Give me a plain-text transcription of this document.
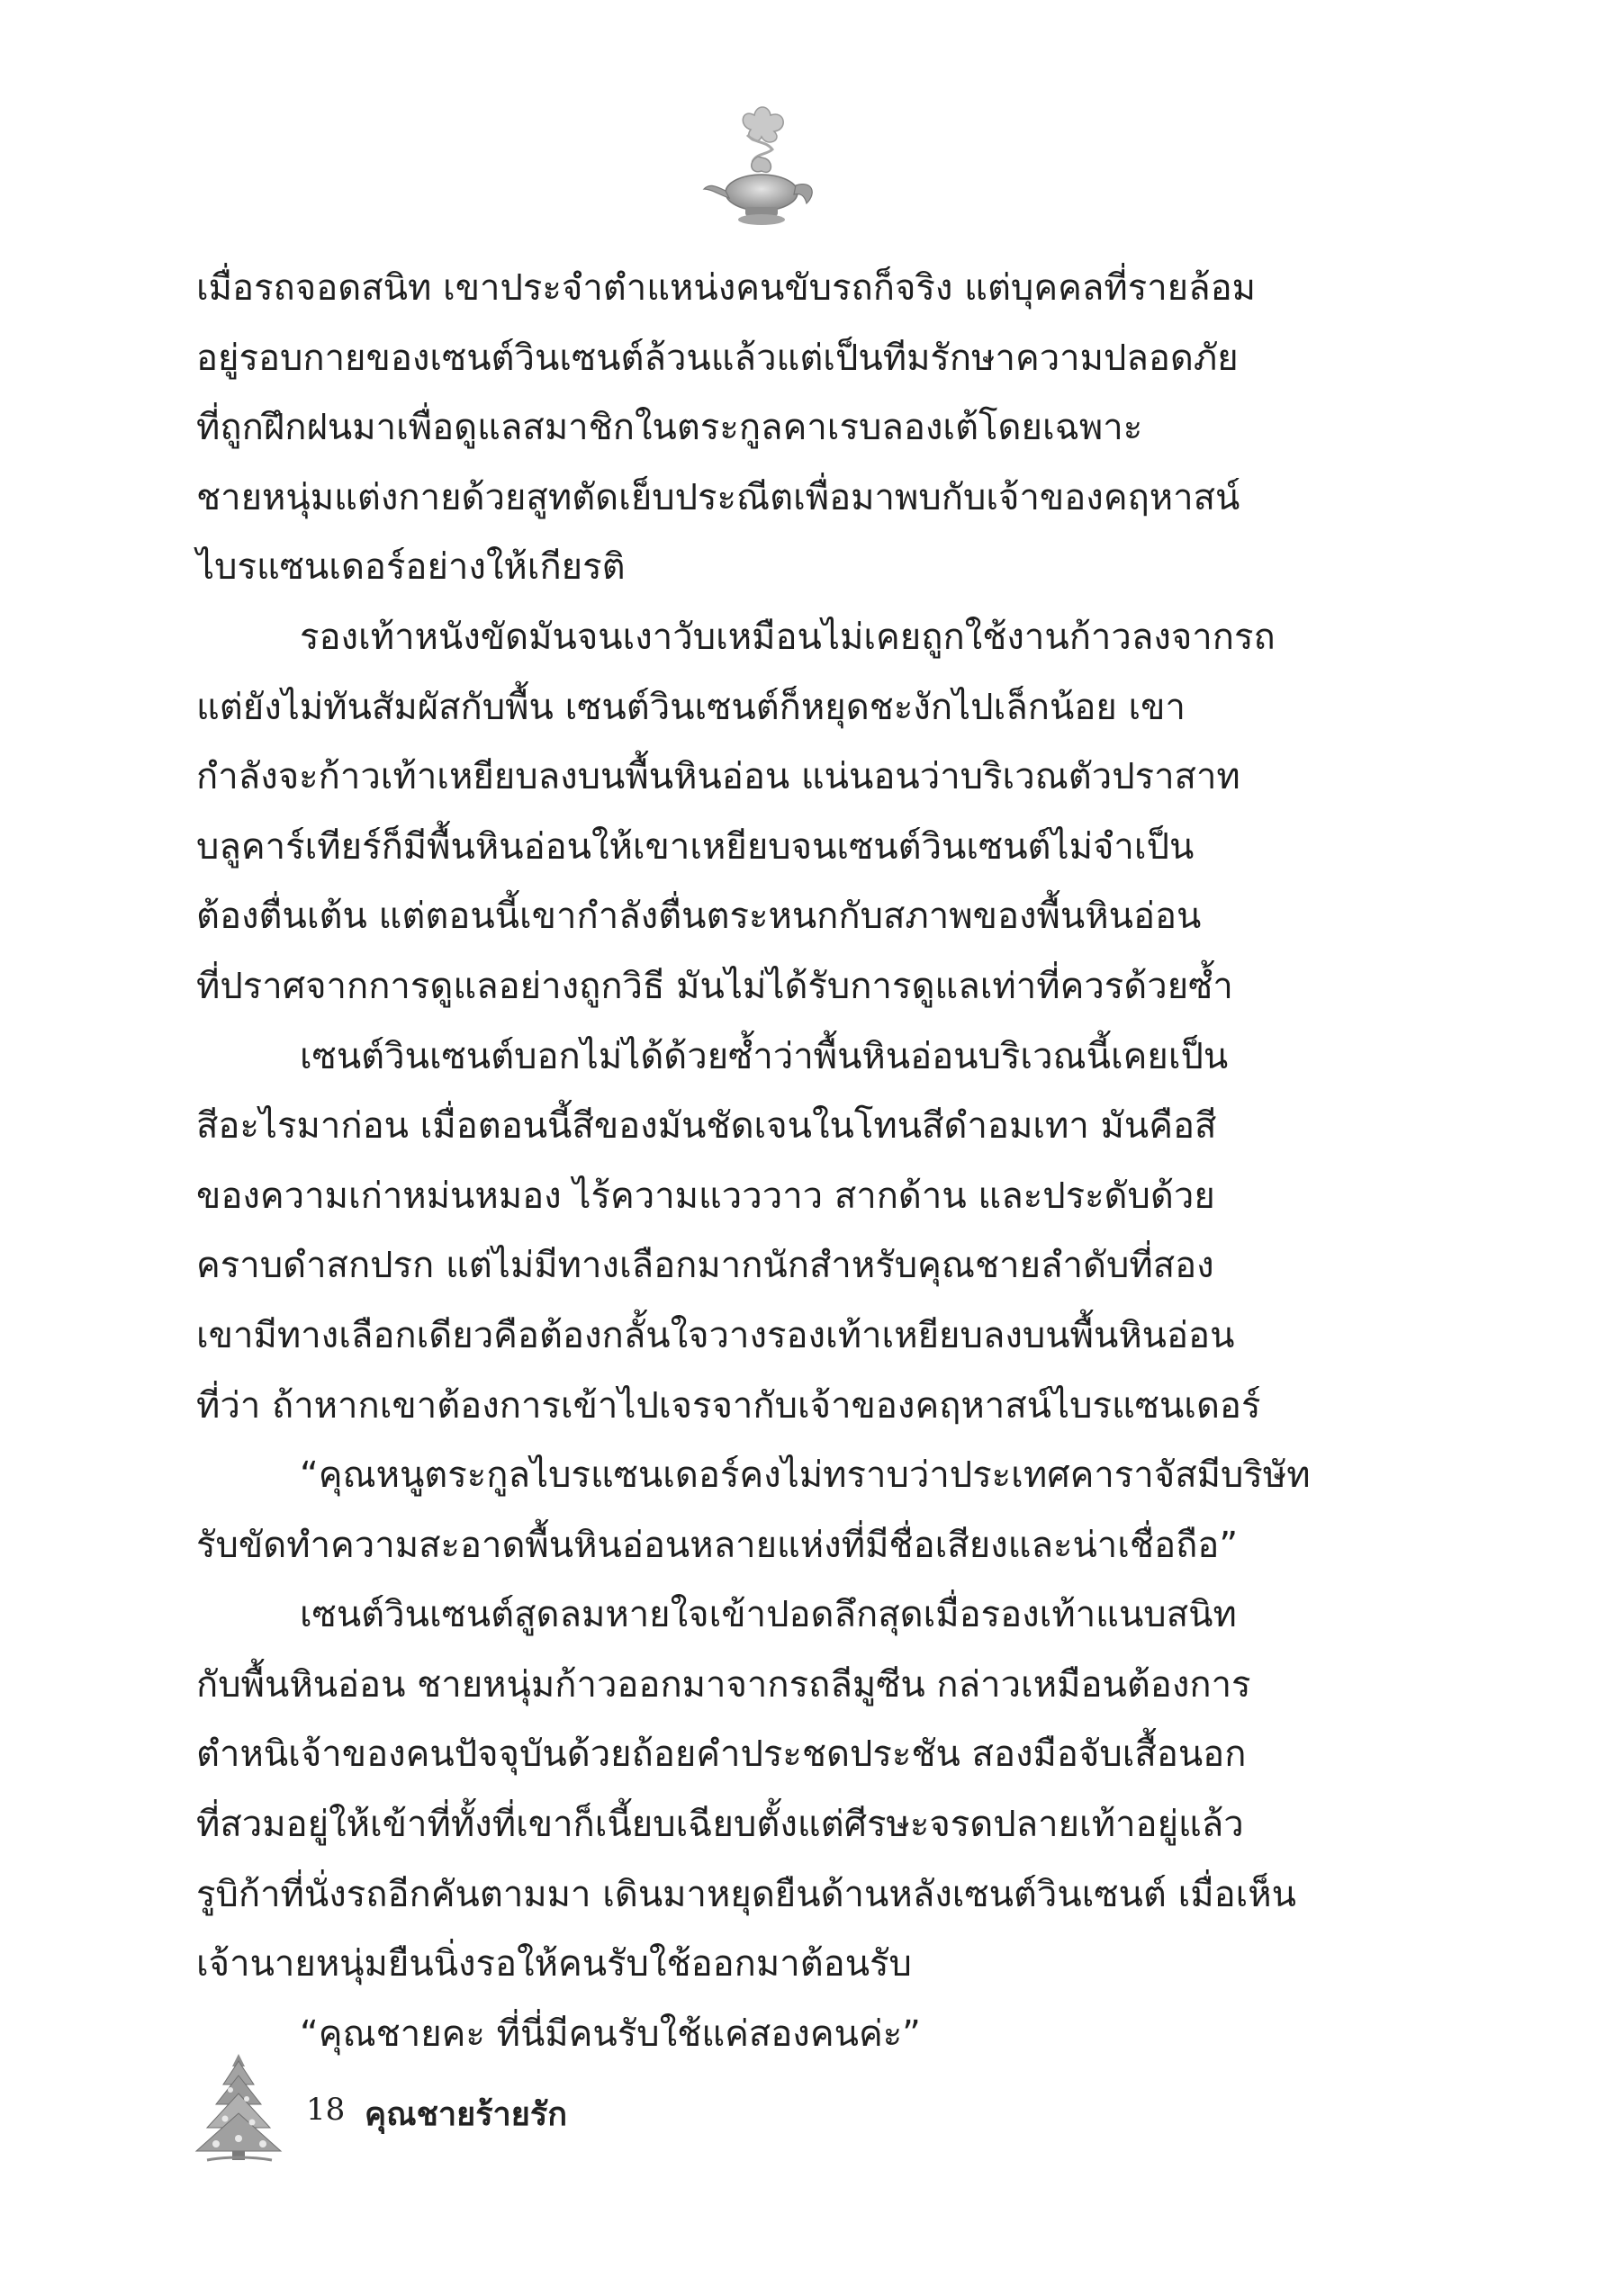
เมื่อรถจอดสนิท เขาประจำตำแหน่งคนขับรถก็จริง แต่บุคคลที่รายล้อม
อยู่รอบกายของเซนต์วินเซนต์ล้วนแล้วแต่เป็นทีมรักษาความปลอดภัย
ที่ถูกฝึกฝนมาเพื่อดูแลสมาชิกในตระกูลคาเรบลองเต้โดยเฉพาะ
ชายหนุ่มแต่งกายด้วยสูทตัดเย็บประณีตเพื่อมาพบกับเจ้าของคฤหาสน์
ไบรแซนเดอร์อย่างให้เกียรติ
รองเท้าหนังขัดมันจนเงาวับเหมือนไม่เคยถูกใช้งานก้าวลงจากรถ
แต่ยังไม่ทันสัมผัสกับพื้น เซนต์วินเซนต์ก็หยุดชะงักไปเล็กน้อย เขา
กำลังจะก้าวเท้าเหยียบลงบนพื้นหินอ่อน แน่นอนว่าบริเวณตัวปราสาท
บลูคาร์เทียร์ก็มีพื้นหินอ่อนให้เขาเหยียบจนเซนต์วินเซนต์ไม่จำเป็น
ต้องตื่นเต้น แต่ตอนนี้เขากำลังตื่นตระหนกกับสภาพของพื้นหินอ่อน
ที่ปราศจากการดูแลอย่างถูกวิธี มันไม่ได้รับการดูแลเท่าที่ควรด้วยซ้ำ
เซนต์วินเซนต์บอกไม่ได้ด้วยซ้ำว่าพื้นหินอ่อนบริเวณนี้เคยเป็น
สีอะไรมาก่อน เมื่อตอนนี้สีของมันชัดเจนในโทนสีดำอมเทา มันคือสี
ของความเก่าหม่นหมอง ไร้ความแวววาว สากด้าน และประดับด้วย
คราบดำสกปรก แต่ไม่มีทางเลือกมากนักสำหรับคุณชายลำดับที่สอง
เขามีทางเลือกเดียวคือต้องกลั้นใจวางรองเท้าเหยียบลงบนพื้นหินอ่อน
ที่ว่า ถ้าหากเขาต้องการเข้าไปเจรจากับเจ้าของคฤหาสน์ไบรแซนเดอร์
“คุณหนูตระกูลไบรแซนเดอร์คงไม่ทราบว่าประเทศคาราจัสมีบริษัท
รับขัดทำความสะอาดพื้นหินอ่อนหลายแห่งที่มีชื่อเสียงและน่าเชื่อถือ”
เซนต์วินเซนต์สูดลมหายใจเข้าปอดลึกสุดเมื่อรองเท้าแนบสนิท
กับพื้นหินอ่อน ชายหนุ่มก้าวออกมาจากรถลีมูซีน กล่าวเหมือนต้องการ
ตำหนิเจ้าของคนปัจจุบันด้วยถ้อยคำประชดประชัน สองมือจับเสื้อนอก
ที่สวมอยู่ให้เข้าที่ทั้งที่เขาก็เนี้ยบเฉียบตั้งแต่ศีรษะจรดปลายเท้าอยู่แล้ว
รูบิก้าที่นั่งรถอีกคันตามมา เดินมาหยุดยืนด้านหลังเซนต์วินเซนต์ เมื่อเห็น
เจ้านายหนุ่มยืนนิ่งรอให้คนรับใช้ออกมาต้อนรับ
“คุณชายคะ ที่นี่มีคนรับใช้แค่สองคนค่ะ”
18 คุณชายร้ายรัก
